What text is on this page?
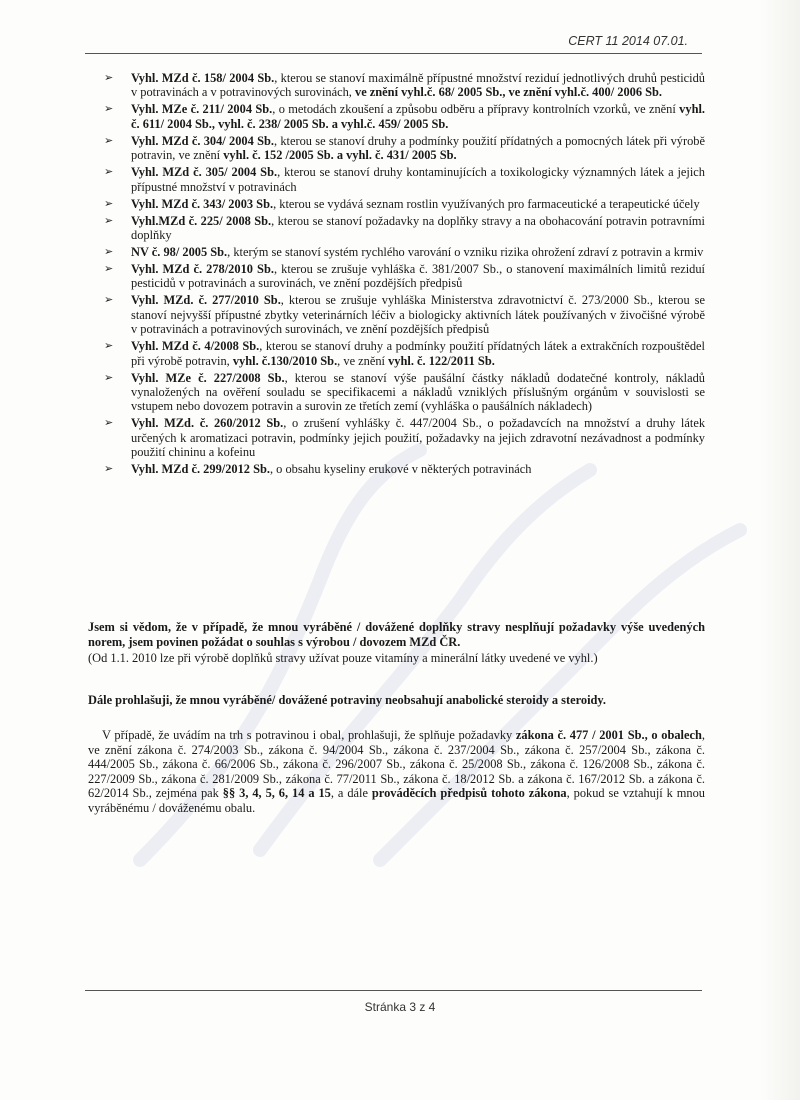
CERT 11 2014 07.01.
➢ Vyhl. MZd č. 158/ 2004 Sb., kterou se stanoví maximálně přípustné množství reziduí jednotlivých druhů pesticidů v potravinách a v potravinových surovinách, ve znění vyhl.č. 68/ 2005 Sb., ve znění vyhl.č. 400/ 2006 Sb.
➢ Vyhl. MZe č. 211/ 2004 Sb., o metodách zkoušení a způsobu odběru a přípravy kontrolních vzorků, ve znění vyhl. č. 611/ 2004 Sb., vyhl. č. 238/ 2005 Sb. a vyhl.č. 459/ 2005 Sb.
➢ Vyhl. MZd č. 304/ 2004 Sb., kterou se stanoví druhy a podmínky použití přídatných a pomocných látek při výrobě potravin, ve znění vyhl. č. 152 /2005 Sb. a vyhl. č. 431/ 2005 Sb.
➢ Vyhl. MZd č. 305/ 2004 Sb., kterou se stanoví druhy kontaminujících a toxikologicky významných látek a jejich přípustné množství v potravinách
➢ Vyhl. MZd č. 343/ 2003 Sb., kterou se vydává seznam rostlin využívaných pro farmaceutické a terapeutické účely
➢ Vyhl.MZd č. 225/ 2008 Sb., kterou se stanoví požadavky na doplňky stravy a na obohacování potravin potravními doplňky
➢ NV č. 98/ 2005 Sb., kterým se stanoví systém rychlého varování o vzniku rizika ohrožení zdraví z potravin a krmiv
➢ Vyhl. MZd č. 278/2010 Sb., kterou se zrušuje vyhláška č. 381/2007 Sb., o stanovení maximálních limitů reziduí pesticidů v potravinách a surovinách, ve znění pozdějších předpisů
➢ Vyhl. MZd. č. 277/2010 Sb., kterou se zrušuje vyhláška Ministerstva zdravotnictví č. 273/2000 Sb., kterou se stanoví nejvyšší přípustné zbytky veterinárních léčiv a biologicky aktivních látek používaných v živočišné výrobě v potravinách a potravinových surovinách, ve znění pozdějších předpisů
➢ Vyhl. MZd č. 4/2008 Sb., kterou se stanoví druhy a podmínky použití přídatných látek a extrakčních rozpouštědel při výrobě potravin, vyhl. č.130/2010 Sb., ve znění vyhl. č. 122/2011 Sb.
➢ Vyhl. MZe č. 227/2008 Sb., kterou se stanoví výše paušální částky nákladů dodatečné kontroly, nákladů vynaložených na ověření souladu se specifikacemi a nákladů vzniklých příslušným orgánům v souvislosti se vstupem nebo dovozem potravin a surovin ze třetích zemí (vyhláška o paušálních nákladech)
➢ Vyhl. MZd. č. 260/2012 Sb., o zrušení vyhlášky č. 447/2004 Sb., o požadavcích na množství a druhy látek určených k aromatizaci potravin, podmínky jejich použití, požadavky na jejich zdravotní nezávadnost a podmínky použití chininu a kofeinu
➢ Vyhl. MZd č. 299/2012 Sb., o obsahu kyseliny erukové v některých potravinách
Jsem si vědom, že v případě, že mnou vyráběné / dovážené doplňky stravy nesplňují požadavky výše uvedených norem, jsem povinen požádat o souhlas s výrobou / dovozem MZd ČR.
(Od 1.1. 2010 lze při výrobě doplňků stravy užívat pouze vitamíny a minerální látky uvedené ve vyhl.)
Dále prohlašuji, že mnou vyráběné/ dovážené potraviny neobsahují anabolické steroidy a steroidy.
V případě, že uvádím na trh s potravinou i obal, prohlašuji, že splňuje požadavky zákona č. 477 / 2001 Sb., o obalech, ve znění zákona č. 274/2003 Sb., zákona č. 94/2004 Sb., zákona č. 237/2004 Sb., zákona č. 257/2004 Sb., zákona č. 444/2005 Sb., zákona č. 66/2006 Sb., zákona č. 296/2007 Sb., zákona č. 25/2008 Sb., zákona č. 126/2008 Sb., zákona č. 227/2009 Sb., zákona č. 281/2009 Sb., zákona č. 77/2011 Sb., zákona č. 18/2012 Sb. a zákona č. 167/2012 Sb. a zákona č. 62/2014 Sb., zejména pak §§ 3, 4, 5, 6, 14 a 15, a dále prováděcích předpisů tohoto zákona, pokud se vztahují k mnou vyráběnému / dováženému obalu.
Stránka 3 z 4
